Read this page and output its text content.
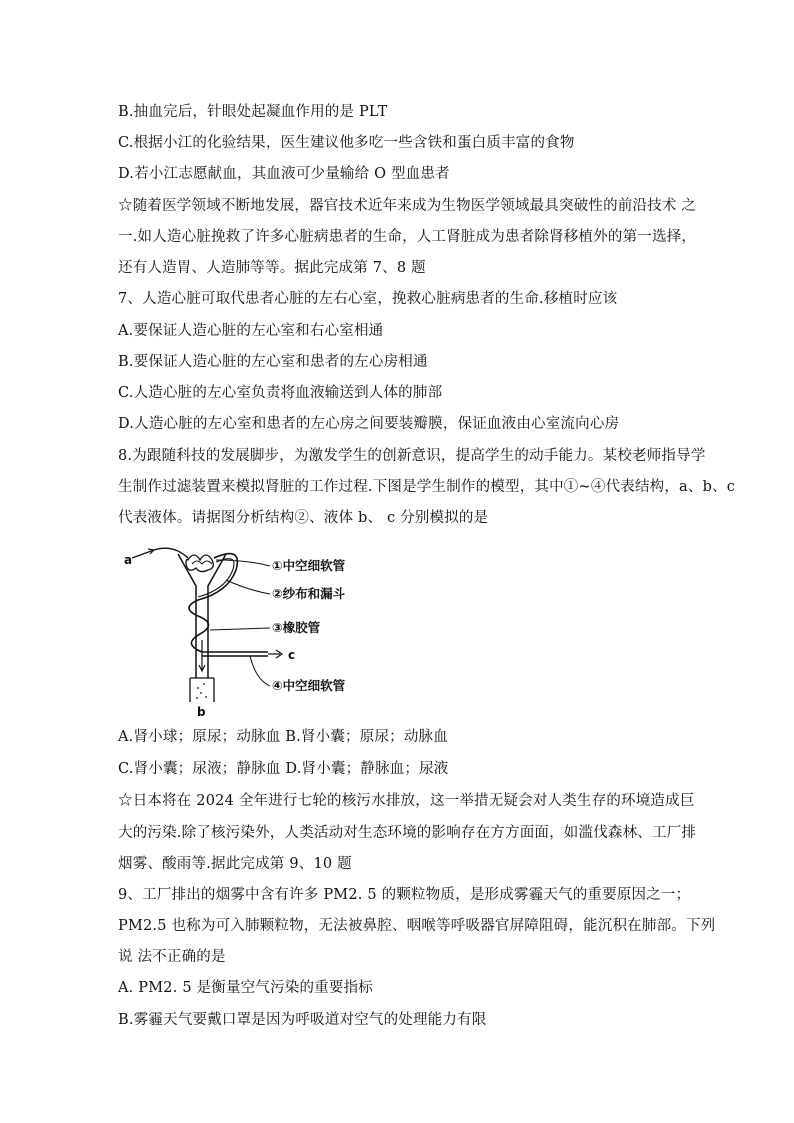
B.抽血完后，针眼处起凝血作用的是 PLT
C.根据小江的化验结果，医生建议他多吃一些含铁和蛋白质丰富的食物
D.若小江志愿献血，其血液可少量输给 O 型血患者
☆随着医学领域不断地发展，器官技术近年来成为生物医学领域最具突破性的前沿技术 之
一.如人造心脏挽救了许多心脏病患者的生命，人工肾脏成为患者除肾移植外的第一选择，
还有人造胃、人造肺等等。据此完成第 7、8 题
7、人造心脏可取代患者心脏的左右心室，挽救心脏病患者的生命.移植时应该
A.要保证人造心脏的左心室和右心室相通
B.要保证人造心脏的左心室和患者的左心房相通
C.人造心脏的左心室负责将血液输送到人体的肺部
D.人造心脏的左心室和患者的左心房之间要装瓣膜，保证血液由心室流向心房
8.为跟随科技的发展脚步，为激发学生的创新意识，提高学生的动手能力。某校老师指导学
生制作过滤装置来模拟肾脏的工作过程.下图是学生制作的模型，其中①~④代表结构，a、b、c
代表液体。请据图分析结构②、液体 b、 c 分别模拟的是
a
c
b
①中空细软管
②纱布和漏斗
③橡胶管
④中空细软管
A.肾小球；原尿；动脉血 B.肾小囊；原尿；动脉血
C.肾小囊；尿液；静脉血 D.肾小囊；静脉血；尿液
☆日本将在 2024 全年进行七轮的核污水排放，这一举措无疑会对人类生存的环境造成巨
大的污染.除了核污染外，人类活动对生态环境的影响存在方方面面，如滥伐森林、工厂排
烟雾、酸雨等.据此完成第 9、10 题
9、工厂排出的烟雾中含有许多 PM2. 5 的颗粒物质，是形成雾霾天气的重要原因之一；
PM2.5 也称为可入肺颗粒物，无法被鼻腔、咽喉等呼吸器官屏障阻碍，能沉积在肺部。下列
说 法不正确的是
A. PM2. 5 是衡量空气污染的重要指标
B.雾霾天气要戴口罩是因为呼吸道对空气的处理能力有限
